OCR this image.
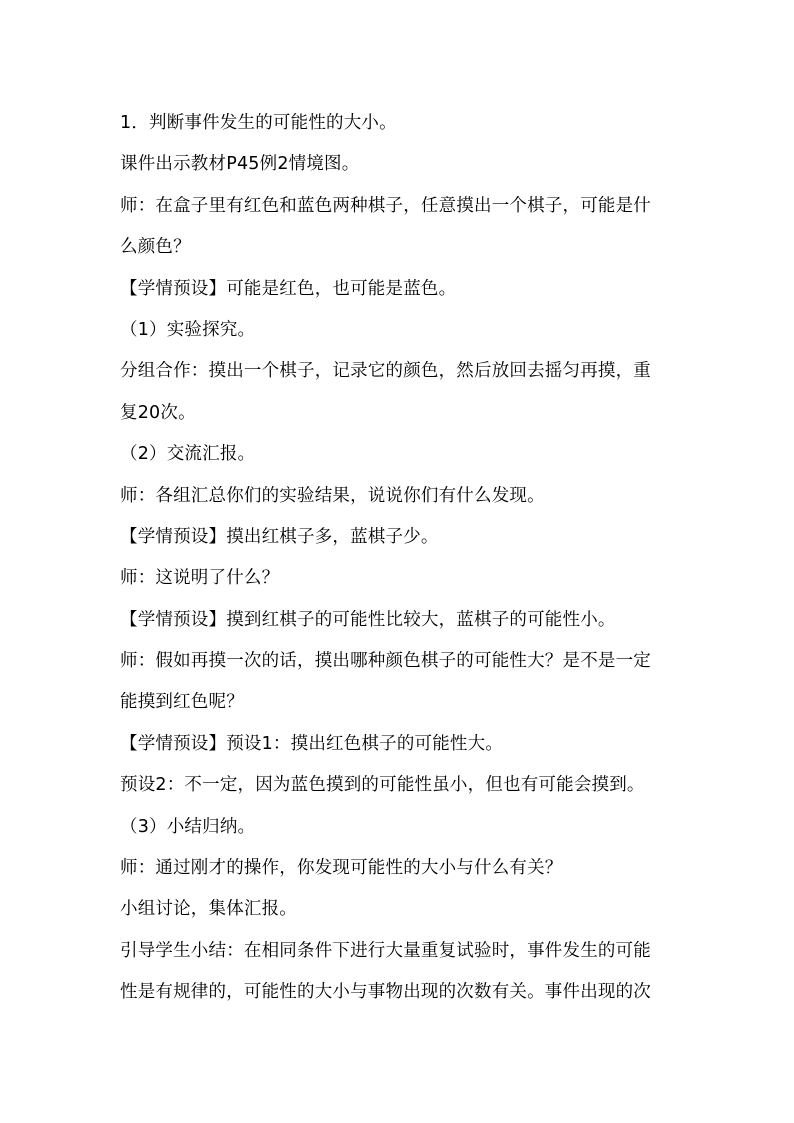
1．判断事件发生的可能性的大小。
课件出示教材P45例2情境图。
师：在盒子里有红色和蓝色两种棋子，任意摸出一个棋子，可能是什
么颜色？
【学情预设】可能是红色，也可能是蓝色。
（1）实验探究。
分组合作：摸出一个棋子，记录它的颜色，然后放回去摇匀再摸，重
复20次。
（2）交流汇报。
师：各组汇总你们的实验结果，说说你们有什么发现。
【学情预设】摸出红棋子多，蓝棋子少。
师：这说明了什么？
【学情预设】摸到红棋子的可能性比较大，蓝棋子的可能性小。
师：假如再摸一次的话，摸出哪种颜色棋子的可能性大？是不是一定
能摸到红色呢？
【学情预设】预设1：摸出红色棋子的可能性大。
预设2：不一定，因为蓝色摸到的可能性虽小，但也有可能会摸到。
（3）小结归纳。
师：通过刚才的操作，你发现可能性的大小与什么有关？
小组讨论，集体汇报。
引导学生小结：在相同条件下进行大量重复试验时，事件发生的可能
性是有规律的，可能性的大小与事物出现的次数有关。事件出现的次
